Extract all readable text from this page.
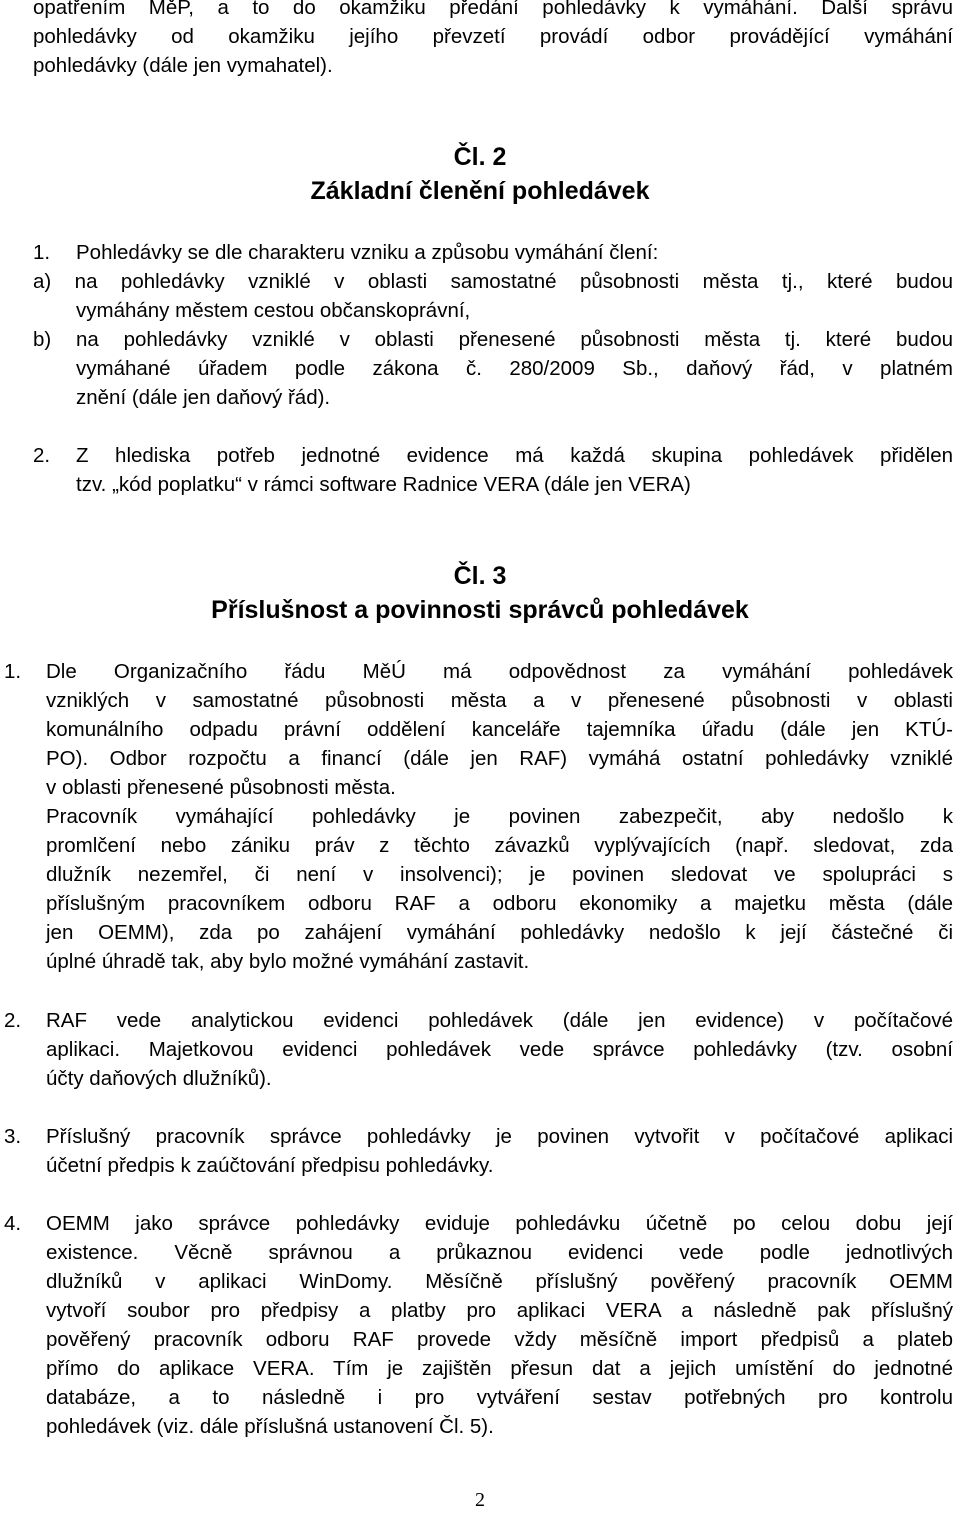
opatřením MěP, a to do okamžiku předání pohledávky k vymáhání. Další správu
pohledávky od okamžiku jejího převzetí provádí odbor provádějící vymáhání
pohledávky (dále jen vymahatel).
Čl. 2
Základní členění pohledávek
1. Pohledávky se dle charakteru vzniku a způsobu vymáhání člení:
a) na pohledávky vzniklé v oblasti samostatné působnosti města tj., které budou
vymáhány městem cestou občanskoprávní,
b) na pohledávky vzniklé v oblasti přenesené působnosti města tj. které budou
vymáhané úřadem podle zákona č. 280/2009 Sb., daňový řád, v platném
znění (dále jen daňový řád).
2. Z hlediska potřeb jednotné evidence má každá skupina pohledávek přidělen
tzv. „kód poplatku“ v rámci software Radnice VERA (dále jen VERA)
Čl. 3
Příslušnost a povinnosti správců pohledávek
1. Dle Organizačního řádu MěÚ má odpovědnost za vymáhání pohledávek
vzniklých v samostatné působnosti města a v přenesené působnosti v oblasti
komunálního odpadu právní oddělení kanceláře tajemníka úřadu (dále jen KTÚ-
PO). Odbor rozpočtu a financí (dále jen RAF) vymáhá ostatní pohledávky vzniklé
v oblasti přenesené působnosti města.
Pracovník vymáhající pohledávky je povinen zabezpečit, aby nedošlo k
promlčení nebo zániku práv z těchto závazků vyplývajících (např. sledovat, zda
dlužník nezemřel, či není v insolvenci); je povinen sledovat ve spolupráci s
příslušným pracovníkem odboru RAF a odboru ekonomiky a majetku města (dále
jen OEMM), zda po zahájení vymáhání pohledávky nedošlo k její částečné či
úplné úhradě tak, aby bylo možné vymáhání zastavit.
2. RAF vede analytickou evidenci pohledávek (dále jen evidence) v počítačové
aplikaci. Majetkovou evidenci pohledávek vede správce pohledávky (tzv. osobní
účty daňových dlužníků).
3. Příslušný pracovník správce pohledávky je povinen vytvořit v počítačové aplikaci
účetní předpis k zaúčtování předpisu pohledávky.
4. OEMM jako správce pohledávky eviduje pohledávku účetně po celou dobu její
existence. Věcně správnou a průkaznou evidenci vede podle jednotlivých
dlužníků v aplikaci WinDomy. Měsíčně příslušný pověřený pracovník OEMM
vytvoří soubor pro předpisy a platby pro aplikaci VERA a následně pak příslušný
pověřený pracovník odboru RAF provede vždy měsíčně import předpisů a plateb
přímo do aplikace VERA. Tím je zajištěn přesun dat a jejich umístění do jednotné
databáze, a to následně i pro vytváření sestav potřebných pro kontrolu
pohledávek (viz. dále příslušná ustanovení Čl. 5).
2
